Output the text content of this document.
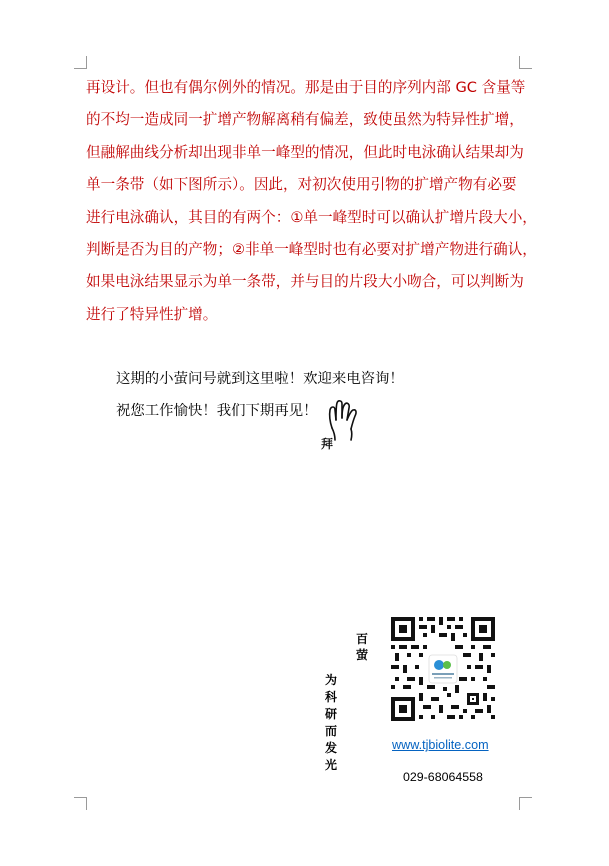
再设计。但也有偶尔例外的情况。那是由于目的序列内部 GC 含量等
的不均一造成同一扩增产物解离稍有偏差，致使虽然为特异性扩增，
但融解曲线分析却出现非单一峰型的情况，但此时电泳确认结果却为
单一条带（如下图所示）。因此，对初次使用引物的扩增产物有必要
进行电泳确认，其目的有两个：①单一峰型时可以确认扩增片段大小，
判断是否为目的产物；②非单一峰型时也有必要对扩增产物进行确认，
如果电泳结果显示为单一条带，并与目的片段大小吻合，可以判断为
进行了特异性扩增。
这期的小萤问号就到这里啦！欢迎来电咨询！
祝您工作愉快！我们下期再见！
拜
百萤
为科研而发光
www.tjbiolite.com
029-68064558
